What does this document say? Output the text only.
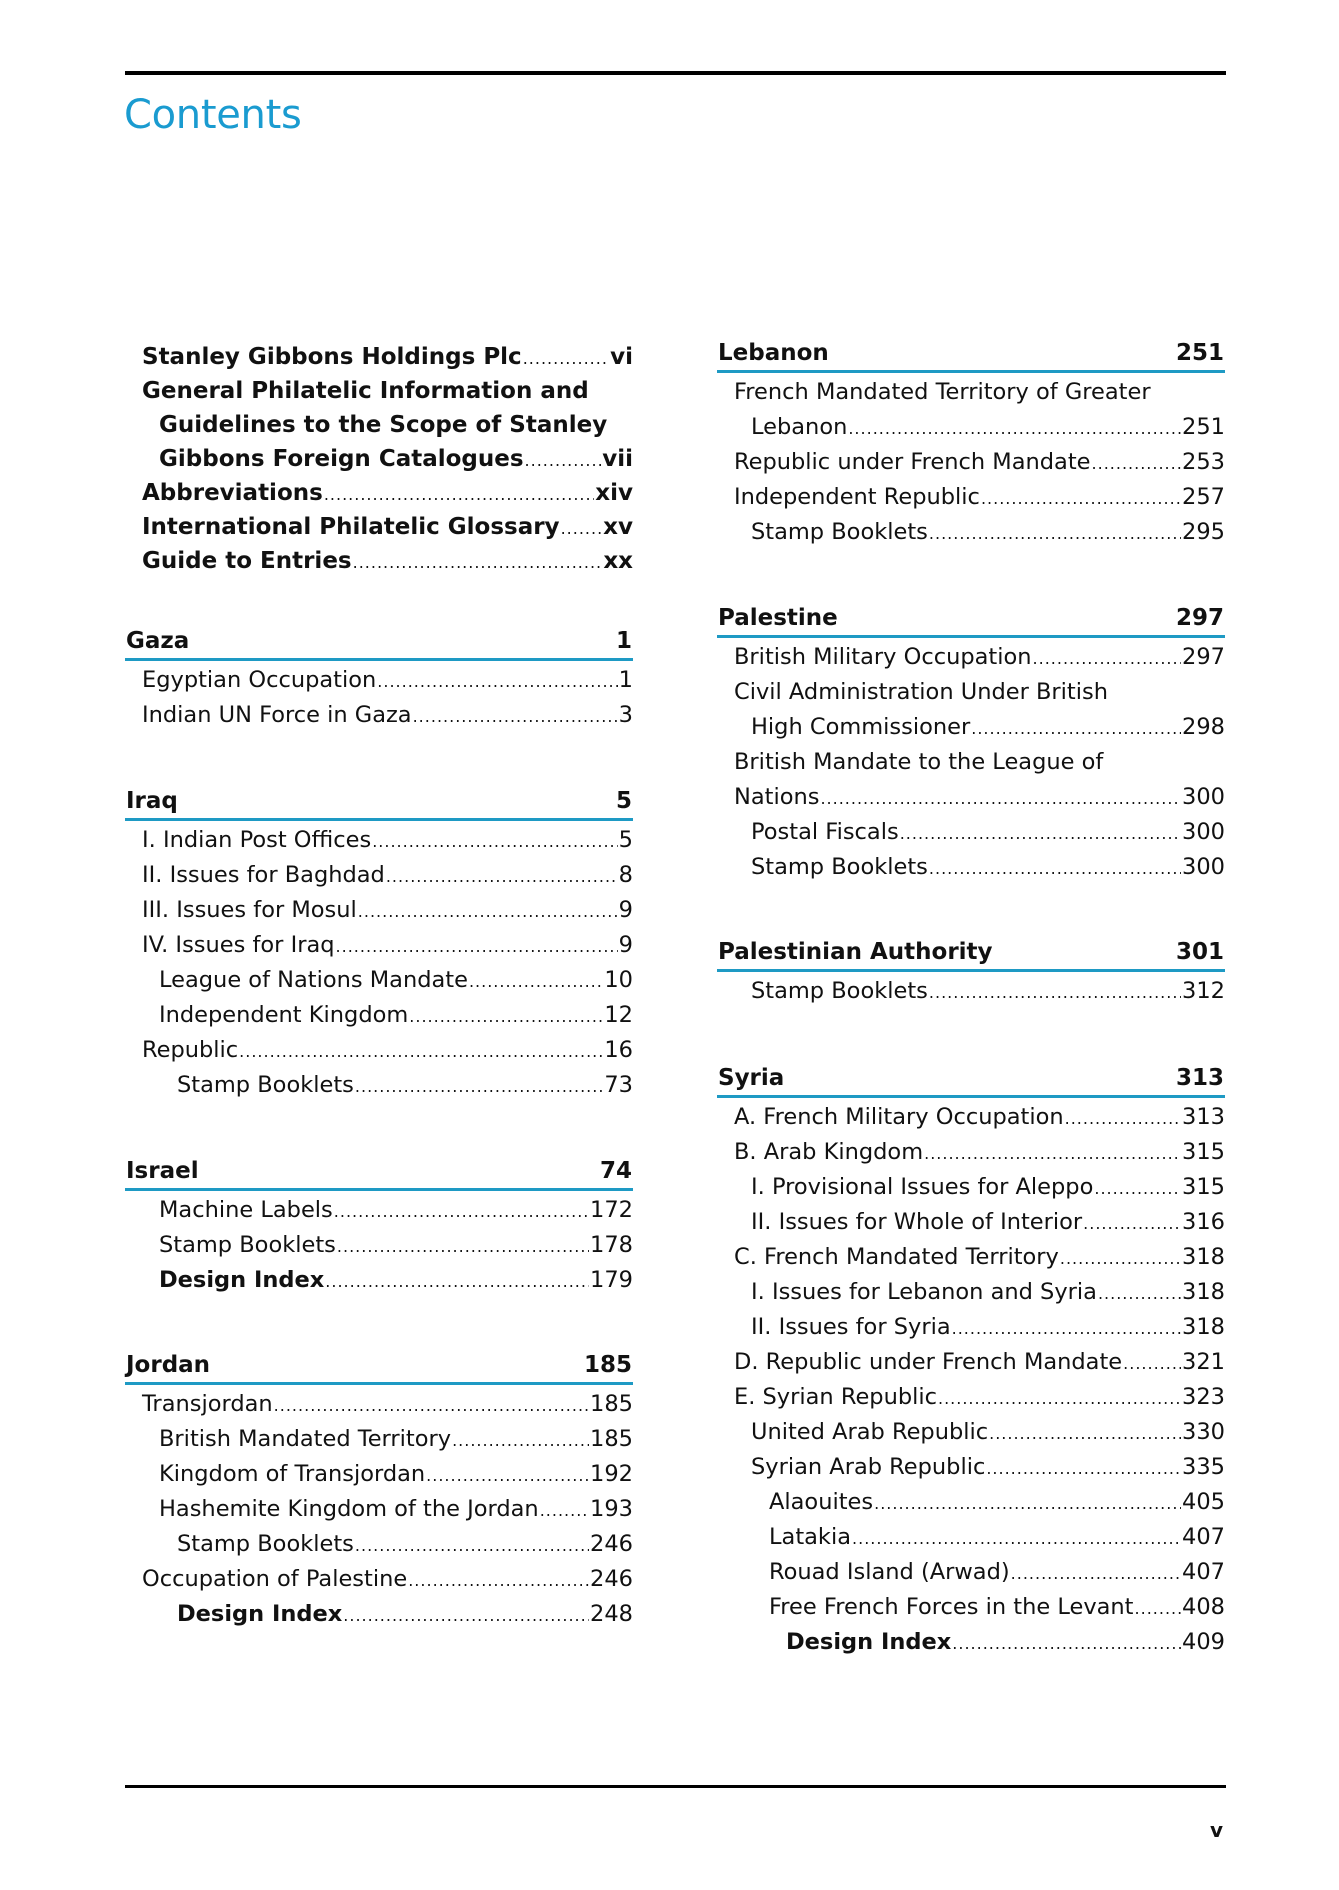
Contents
Stanley Gibbons Holdings Plc .....	vi
General Philatelic Information and
Guidelines to the Scope of Stanley
Gibbons Foreign Catalogues .....	vii
Abbreviations .....	xiv
International Philatelic Glossary ..... xv
Guide to Entries .....	xx
Gaza	1
Egyptian Occupation .....	1
Indian UN Force in Gaza .....	3
Iraq	5
I. Indian Post Offices .....	5
II. Issues for Baghdad .....	8
III. Issues for Mosul .....	9
IV. Issues for Iraq .....	9
League of Nations Mandate .....	10
Independent Kingdom .....	12
Republic .....	16
Stamp Booklets .....	73
Israel	74
Machine Labels .....	172
Stamp Booklets .....	178
Design Index .....	179
Jordan	185
Transjordan .....	185
British Mandated Territory .....	185
Kingdom of Transjordan .....	192
Hashemite Kingdom of the Jordan ..... 193
Stamp Booklets .....	246
Occupation of Palestine .....	246
Design Index .....	248
Lebanon	251
French Mandated Territory of Greater
Lebanon .....	251
Republic under French Mandate .....	253
Independent Republic .....	257
Stamp Booklets .....	295
Palestine	297
British Military Occupation .....	297
Civil Administration Under British
High Commissioner .....	298
British Mandate to the League of
Nations .....	300
Postal Fiscals .....	300
Stamp Booklets .....	300
Palestinian Authority	301
Stamp Booklets .....	312
Syria	313
A. French Military Occupation .....	313
B. Arab Kingdom .....	315
I. Provisional Issues for Aleppo .....	315
II. Issues for Whole of Interior .....	316
C. French Mandated Territory .....	318
I. Issues for Lebanon and Syria .....	318
II. Issues for Syria .....	318
D. Republic under French Mandate .....	321
E. Syrian Republic .....	323
United Arab Republic .....	330
Syrian Arab Republic .....	335
Alaouites .....	405
Latakia .....	407
Rouad Island (Arwad) .....	407
Free French Forces in the Levant ..... 408
Design Index .....	409
v
